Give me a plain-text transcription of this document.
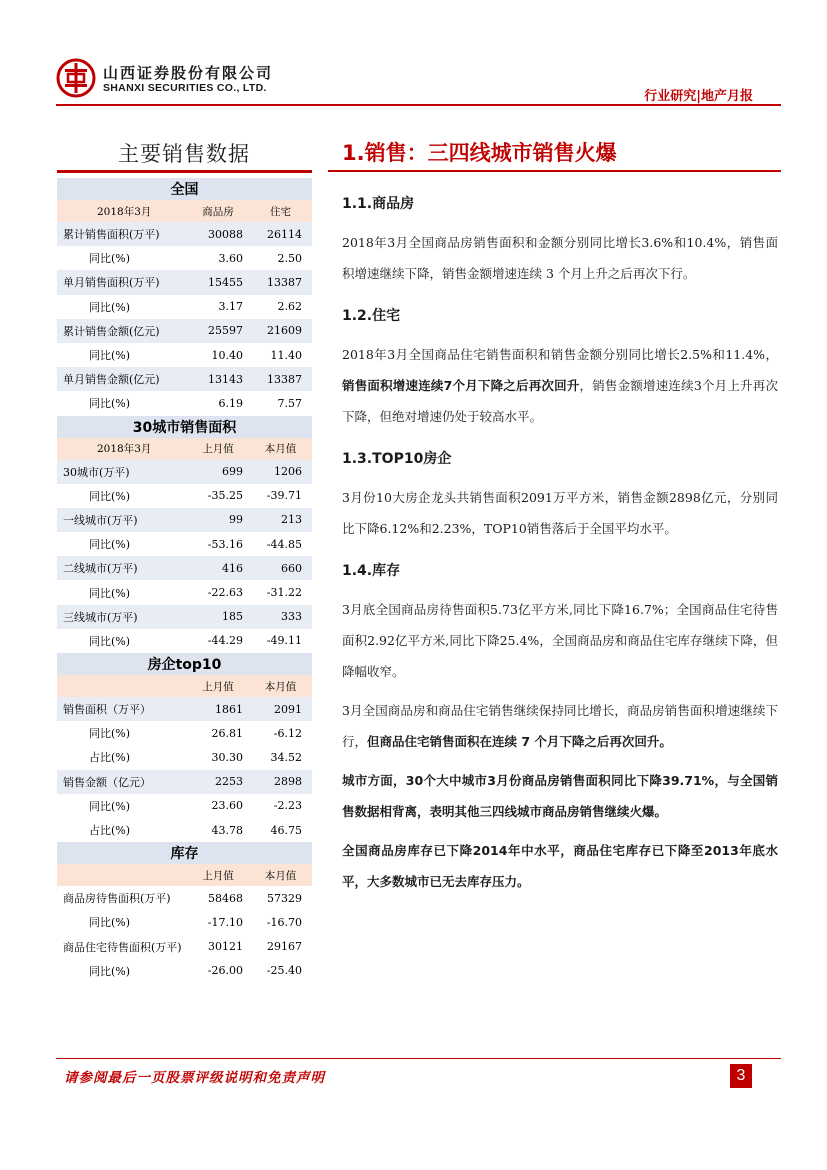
山西证券股份有限公司
SHANXI SECURITIES CO., LTD.
行业研究|地产月报
主要销售数据	1.销售：三四线城市销售火爆
全国
2018年3月	商品房	住宅
累计销售面积(万平)	30088	26114
同比(%)	3.60	2.50
单月销售面积(万平)	15455	13387
同比(%)	3.17	2.62
累计销售金额(亿元)	25597	21609
同比(%)	10.40	11.40
单月销售金额(亿元)	13143	13387
同比(%)	6.19	7.57
30城市销售面积
2018年3月	上月值	本月值
30城市(万平)	699	1206
同比(%)	-35.25	-39.71
一线城市(万平)	99	213
同比(%)	-53.16	-44.85
二线城市(万平)	416	660
同比(%)	-22.63	-31.22
三线城市(万平)	185	333
同比(%)	-44.29	-49.11
房企top10
上月值	本月值
销售面积（万平）	1861	2091
同比(%)	26.81	-6.12
占比(%)	30.30	34.52
销售金额（亿元）	2253	2898
同比(%)	23.60	-2.23
占比(%)	43.78	46.75
库存
上月值	本月值
商品房待售面积(万平)	58468	57329
同比(%)	-17.10	-16.70
商品住宅待售面积(万平)	30121	29167
同比(%)	-26.00	-25.40
1.1.商品房
2018年3月全国商品房销售面积和金额分别同比增长3.6%和10.4%，销售面积增速继续下降，销售金额增速连续 3 个月上升之后再次下行。
1.2.住宅
2018年3月全国商品住宅销售面积和销售金额分别同比增长2.5%和11.4%，销售面积增速连续7个月下降之后再次回升，销售金额增速连续3个月上升再次下降，但绝对增速仍处于较高水平。
1.3.TOP10房企
3月份10大房企龙头共销售面积2091万平方米，销售金额2898亿元，分别同比下降6.12%和2.23%，TOP10销售落后于全国平均水平。
1.4.库存
3月底全国商品房待售面积5.73亿平方米,同比下降16.7%；全国商品住宅待售面积2.92亿平方米,同比下降25.4%，全国商品房和商品住宅库存继续下降，但降幅收窄。
3月全国商品房和商品住宅销售继续保持同比增长，商品房销售面积增速继续下行，但商品住宅销售面积在连续 7 个月下降之后再次回升。
城市方面，30个大中城市3月份商品房销售面积同比下降39.71%，与全国销售数据相背离，表明其他三四线城市商品房销售继续火爆。
全国商品房库存已下降2014年中水平，商品住宅库存已下降至2013年底水平，大多数城市已无去库存压力。
请参阅最后一页股票评级说明和免责声明	3
